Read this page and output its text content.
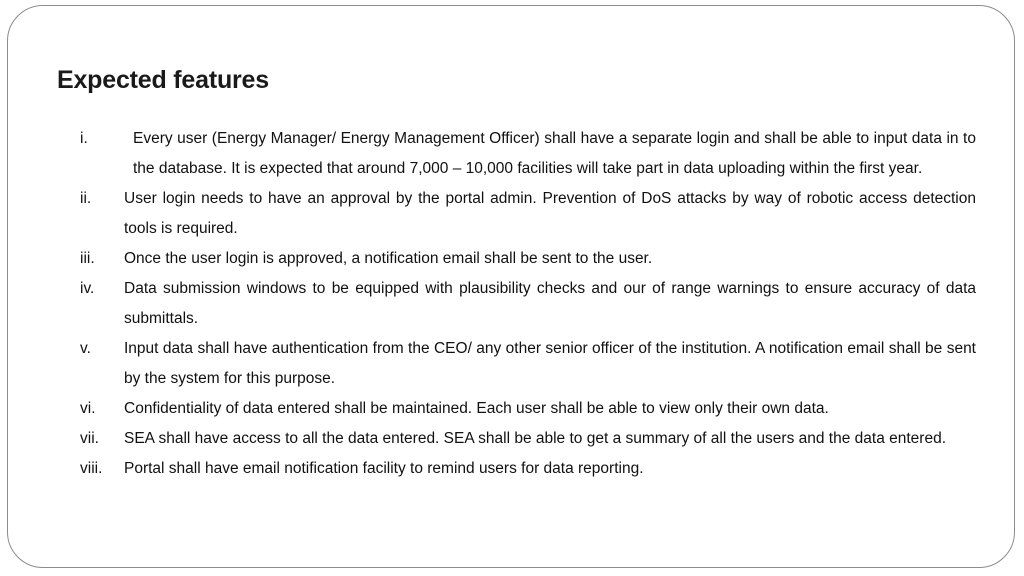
Expected features
i.	Every user (Energy Manager/ Energy Management Officer) shall have a separate login and shall be able to input data in to the database. It is expected that around 7,000 – 10,000 facilities will take part in data uploading within the first year.
ii. User login needs to have an approval by the portal admin. Prevention of DoS attacks by way of robotic access detection tools is required.
iii. Once the user login is approved, a notification email shall be sent to the user.
iv. Data submission windows to be equipped with plausibility checks and our of range warnings to ensure accuracy of data submittals.
v. Input data shall have authentication from the CEO/ any other senior officer of the institution. A notification email shall be sent by the system for this purpose.
vi. Confidentiality of data entered shall be maintained. Each user shall be able to view only their own data.
vii. SEA shall have access to all the data entered. SEA shall be able to get a summary of all the users and the data entered.
viii. Portal shall have email notification facility to remind users for data reporting.
